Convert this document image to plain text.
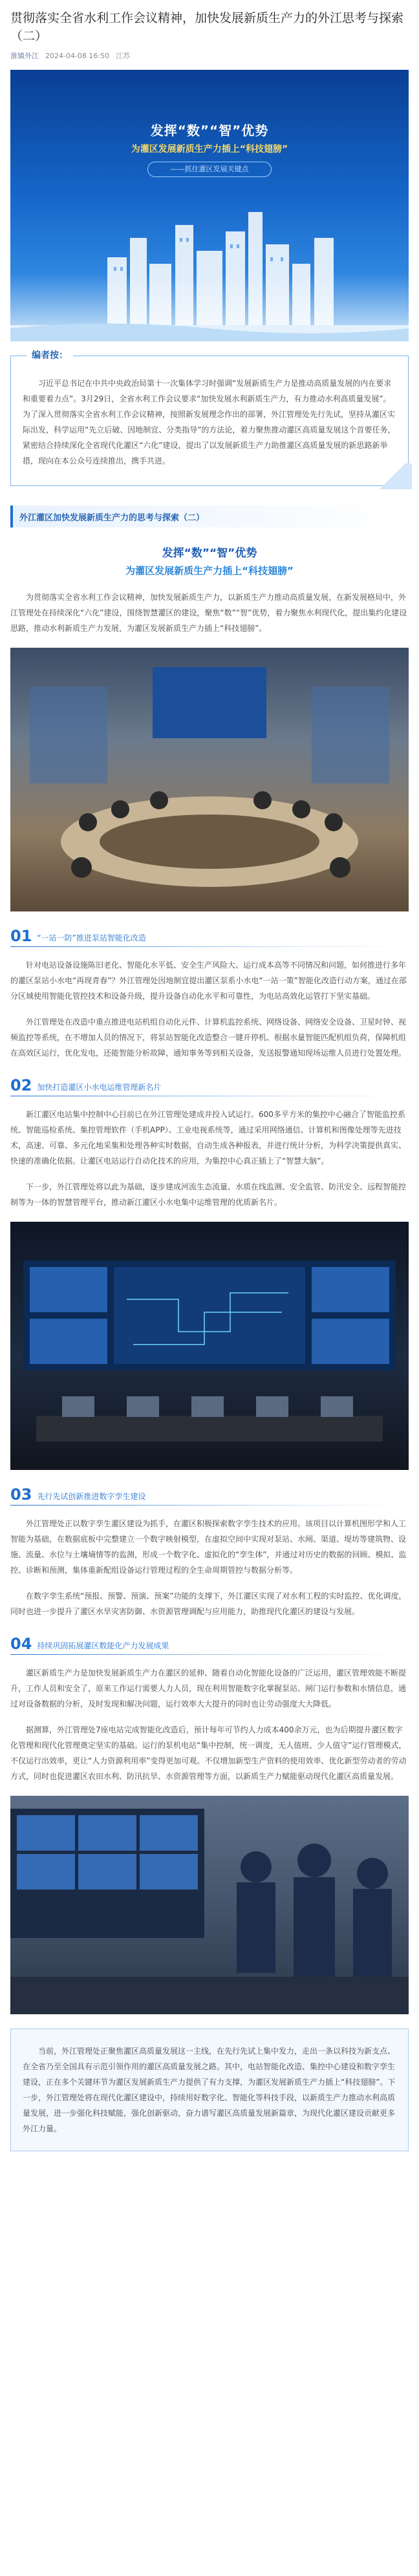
贯彻落实全省水利工作会议精神，加快发展新质生产力的外江思考与探索（二）
淮镇外江 2024-04-08 16:50 江苏
发挥“数”“智”优势
为灌区发展新质生产力插上“科技翅膀”
——抓住灌区发展关键点
编者按：

习近平总书记在中共中央政治局第十一次集体学习时强调“发展新质生产力是推动高质量发展的内在要求和重要着力点”。3月29日，全省水利工作会议要求“加快发展水利新质生产力，有力推动水利高质量发展”。为了深入贯彻落实全省水利工作会议精神，按照新发展理念作出的部署，外江管理处先行先试，坚持从灌区实际出发，科学运用“先立后破、因地制宜、分类指导”的方法论，着力聚焦推动灌区高质量发展这个首要任务，紧密结合持续深化全省现代化灌区“六化”建设，提出了以发展新质生产力助推灌区高质量发展的新思路新举措，现向在本公众号连续推出，携手共进。

外江灌区加快发展新质生产力的思考与探索（二）
发挥“数”“智”优势
为灌区发展新质生产力插上“科技翅膀”

为贯彻落实全省水利工作会议精神，加快发展新质生产力，以新质生产力推动高质量发展，在新发展格局中，外江管理处在持续深化“六化”建设，围绕智慧灌区的建设，聚焦“数”“智”优势，着力聚焦水利现代化，提出集约化建设思路，推动水利新质生产力发展，为灌区发展新质生产力插上“科技翅膀”。

01 “一站一防”推进泵站智能化改造

针对电站设备设施陈旧老化、智能化水平低、安全生产风险大、运行成本高等不同情况和问题，如何推进行多年的灌区泵站小水电“再现青春”？外江管理处因地制宜提出灌区泵系小水电“一站一策”智能化改造行动方案，通过在部分区域使用智能化管控技术和设备升级，提升设备自动化水平和可靠性，为电站高效化运管打下坚实基础。

外江管理处在改造中重点推进电站机组自动化元件、计算机监控系统、网络设备、网络安全设备、卫星时钟、视频监控等系统，在不增加人员的情况下，将泵站智能化改造整合一键开停机、根据水量智能匹配机组负荷，保障机组在高效区运行，优化发电，还能智能分析故障，通知事务等到相关设备，发送报警通知现场运维人员进行处置处理。

02 加快打造灌区小水电运维管理新名片

新江灌区电站集中控制中心目前已在外江管理处建成并投入试运行。600多平方米的集控中心融合了智能监控系统、智能巡检系统、集控管理软件（手机APP）、工业电视系统等，通过采用网络通信、计算机和图像处理等先进技术，高速、可靠、多元化地采集和处理各种实时数据，自动生成各种报表，并进行统计分析，为科学决策提供真实、快速的准确化依据。让灌区电站运行自动化技术的应用，为集控中心真正插上了“智慧大脑”。

下一步，外江管理处将以此为基础，逐步建成河流生态流量、水质在线监测、安全监管、防汛安全、远程智能控制等为一体的智慧管理平台，推动新江灌区小水电集中运维管理的优质新名片。

03 先行先试创新推进数字孪生建设

外江管理处正以数字孪生灌区建设为抓手，在灌区积极探索数字孪生技术的应用。该项目以计算机图形学和人工智能为基础，在数据底板中完整建立一个数字映射模型，在虚拟空间中实现对泵站、水闸、渠道、堤坊等建筑物、设施、流量、水位与土壤墒情等的监测，形成一个数字化、虚拟化的“孪生体”，并通过对历史的数据的回顾、模拟、监控、诊断和预测，集体重新配组设备运行管理过程的全生命周期管控与数据分析等。

在数字孪生系统“预报、预警、预演、预案”功能的支撑下，外江灌区实现了对水利工程的实时监控、优化调度，同时也进一步提升了灌区水旱灾害防御、水资源管理调配与应用能力，助推现代化灌区的建设与发展。

04 持续巩固拓展灌区数能化产力发展成果

灌区新质生产力是加快发展新质生产力在灌区的延伸、随着自动化智能化设备的广泛运用，灌区管理效能不断提升，工作人员和安全了，原来工作运行需要人力人员，现在利用智能数字化掌握泵站、闸门运行参数和水情信息，通过对设备数据的分析，及时发现和解决问题，运行效率大大提升的同时也让劳动强度大大降低。

据测算，外江管理处7座电站完成智能化改造后，预计每年可节约人力成本400余万元，也为后期提升灌区数字化管理和现代化管理奠定坚实的基础。运行的泵机电站“集中控制，统一调度，无人值班、少人值守”运行管理模式，不仅运行出效率，更让“人力资源利用率”变得更加可观。不仅增加新型生产资料的使用效率、优化新型劳动者的劳动方式，同时也促进灌区农田水利、防汛抗旱、水资源管理等方面，以新质生产力赋能驱动现代化灌区高质量发展。

当前，外江管理处正聚焦灌区高质量发展这一主线，在先行先试上集中发力，走出一条以科技为新支点、在全省乃至全国具有示范引领作用的灌区高质量发展之路。其中，电站智能化改造、集控中心建设和数字孪生建设，正在多个关键环节为灌区发展新质生产力提供了有力支撑，为灌区发展新质生产力插上“科技翅膀”。下一步，外江管理处将在现代化灌区建设中，持续用好数字化、智能化等科技手段，以新质生产力推动水利高质量发展，进一步强化科技赋能，强化创新驱动，奋力谱写灌区高质量发展新篇章，为现代化灌区建设贡献更多外江力量。
